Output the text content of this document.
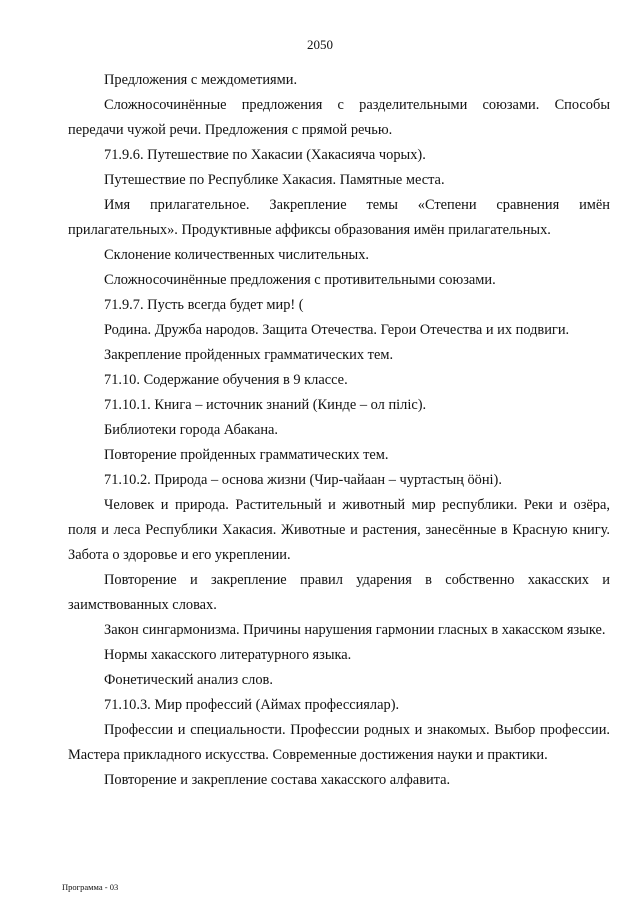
2050

Предложения с междометиями.

Сложносочинённые предложения с разделительными союзами. Способы передачи чужой речи. Предложения с прямой речью.

71.9.6. Путешествие по Хакасии (Хакасияча чорых).

Путешествие по Республике Хакасия. Памятные места.

Имя прилагательное. Закрепление темы «Степени сравнения имён прилагательных». Продуктивные аффиксы образования имён прилагательных.

Склонение количественных числительных.

Сложносочинённые предложения с противительными союзами.

71.9.7. Пусть всегда будет мир! (

Родина. Дружба народов. Защита Отечества. Герои Отечества и их подвиги.

Закрепление пройденных грамматических тем.

71.10. Содержание обучения в 9 классе.

71.10.1. Книга – источник знаний (Кинде – ол пiлiс).

Библиотеки города Абакана.

Повторение пройденных грамматических тем.

71.10.2. Природа – основа жизни (Чир-чайаан – чуртастың ööнi).

Человек и природа. Растительный и животный мир республики. Реки и озёра, поля и леса Республики Хакасия. Животные и растения, занесённые в Красную книгу. Забота о здоровье и его укреплении.

Повторение и закрепление правил ударения в собственно хакасских и заимствованных словах.

Закон сингармонизма. Причины нарушения гармонии гласных в хакасском языке.

Нормы хакасского литературного языка.

Фонетический анализ слов.

71.10.3. Мир профессий (Аймах профессиялар).

Профессии и специальности. Профессии родных и знакомых. Выбор профессии. Мастера прикладного искусства. Современные достижения науки и практики.

Повторение и закрепление состава хакасского алфавита.

Программа - 03
